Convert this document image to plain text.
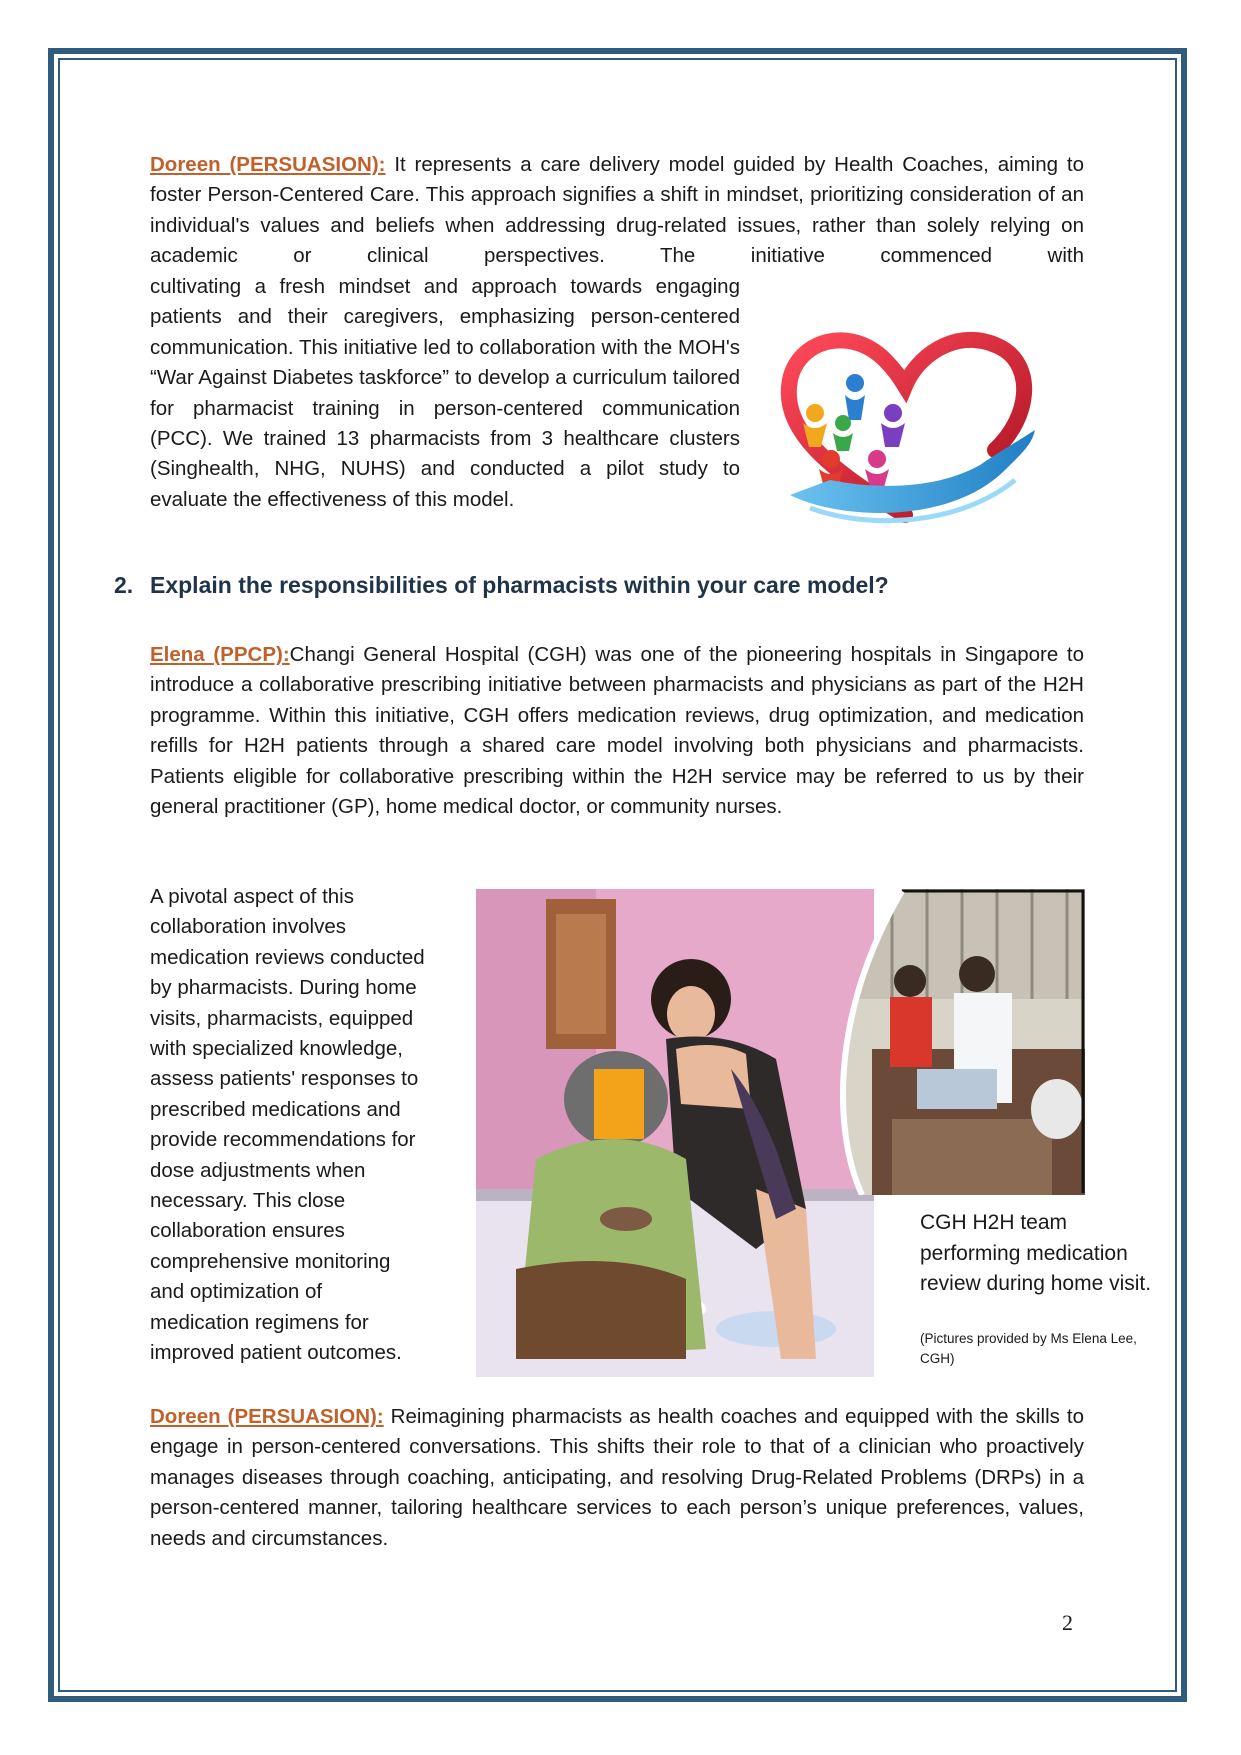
Doreen (PERSUASION): It represents a care delivery model guided by Health Coaches, aiming to foster Person-Centered Care. This approach signifies a shift in mindset, prioritizing consideration of an individual's values and beliefs when addressing drug-related issues, rather than solely relying on academic or clinical perspectives. The initiative commenced with

cultivating a fresh mindset and approach towards engaging patients and their caregivers, emphasizing person-centered communication. This initiative led to collaboration with the MOH's “War Against Diabetes taskforce” to develop a curriculum tailored for pharmacist training in person-centered communication (PCC). We trained 13 pharmacists from 3 healthcare clusters (Singhealth, NHG, NUHS) and conducted a pilot study to evaluate the effectiveness of this model.

2. Explain the responsibilities of pharmacists within your care model?

Elena (PPCP):Changi General Hospital (CGH) was one of the pioneering hospitals in Singapore to introduce a collaborative prescribing initiative between pharmacists and physicians as part of the H2H programme. Within this initiative, CGH offers medication reviews, drug optimization, and medication refills for H2H patients through a shared care model involving both physicians and pharmacists. Patients eligible for collaborative prescribing within the H2H service may be referred to us by their general practitioner (GP), home medical doctor, or community nurses.

A pivotal aspect of this
collaboration involves
medication reviews conducted
by pharmacists. During home
visits, pharmacists, equipped
with specialized knowledge,
assess patients' responses to
prescribed medications and
provide recommendations for
dose adjustments when
necessary. This close
collaboration ensures
comprehensive monitoring
and optimization of
medication regimens for
improved patient outcomes.

CGH H2H team performing medication review during home visit.

(Pictures provided by Ms Elena Lee, CGH)

Doreen (PERSUASION): Reimagining pharmacists as health coaches and equipped with the skills to engage in person-centered conversations. This shifts their role to that of a clinician who proactively manages diseases through coaching, anticipating, and resolving Drug-Related Problems (DRPs) in a person-centered manner, tailoring healthcare services to each person’s unique preferences, values, needs and circumstances.

2
